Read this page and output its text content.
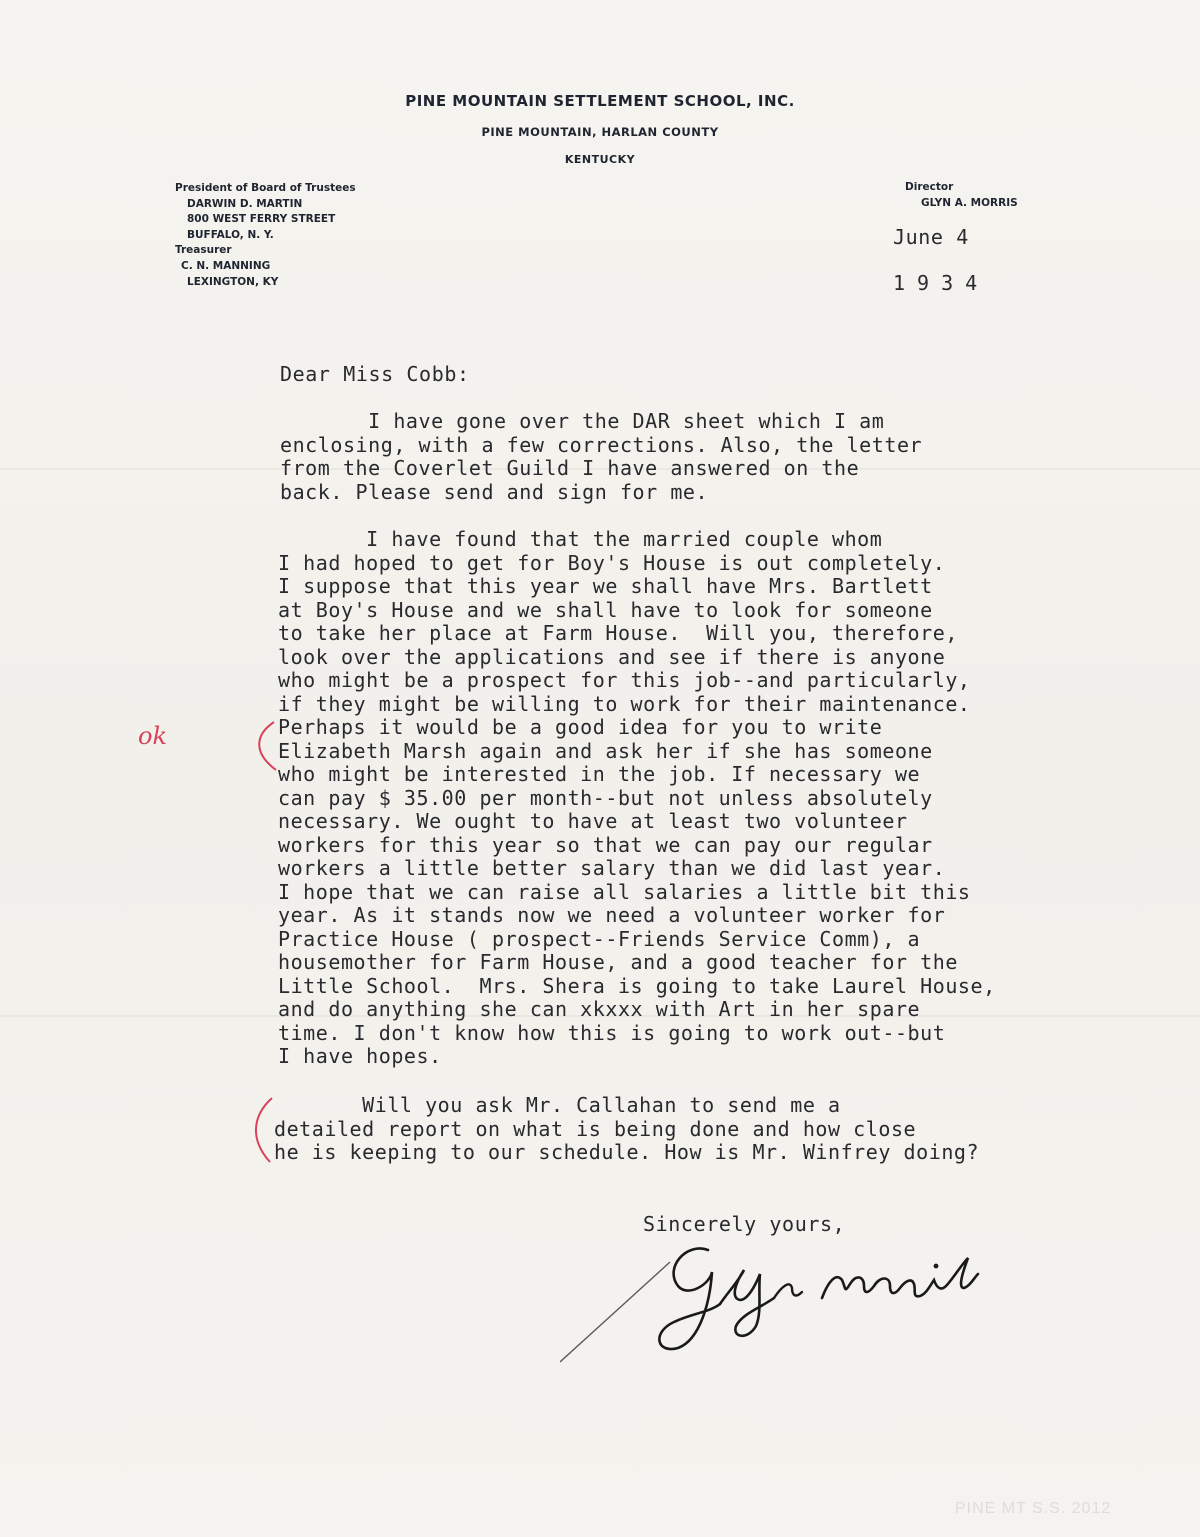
PINE MOUNTAIN SETTLEMENT SCHOOL, INC.
PINE MOUNTAIN, HARLAN COUNTY
KENTUCKY
President of Board of Trustees
DARWIN D. MARTIN
800 WEST FERRY STREET
BUFFALO, N. Y.
Treasurer
C. N. MANNING
LEXINGTON, KY
Director
GLYN A. MORRIS
June 4
1934
Dear Miss Cobb:
I have gone over the DAR sheet which I am
enclosing, with a few corrections. Also, the letter
from the Coverlet Guild I have answered on the
back. Please send and sign for me.
I have found that the married couple whom
I had hoped to get for Boy's House is out completely.
I suppose that this year we shall have Mrs. Bartlett
at Boy's House and we shall have to look for someone
to take her place at Farm House.  Will you, therefore,
look over the applications and see if there is anyone
who might be a prospect for this job--and particularly,
if they might be willing to work for their maintenance.
Perhaps it would be a good idea for you to write
Elizabeth Marsh again and ask her if she has someone
who might be interested in the job. If necessary we
can pay $ 35.00 per month--but not unless absolutely
necessary. We ought to have at least two volunteer
workers for this year so that we can pay our regular
workers a little better salary than we did last year.
I hope that we can raise all salaries a little bit this
year. As it stands now we need a volunteer worker for
Practice House ( prospect--Friends Service Comm), a
housemother for Farm House, and a good teacher for the
Little School.  Mrs. Shera is going to take Laurel House,
and do anything she can xkxxx with Art in her spare
time. I don't know how this is going to work out--but
I have hopes.
Will you ask Mr. Callahan to send me a
detailed report on what is being done and how close
he is keeping to our schedule. How is Mr. Winfrey doing?
Sincerely yours,
ok
PINE MT S.S. 2012
